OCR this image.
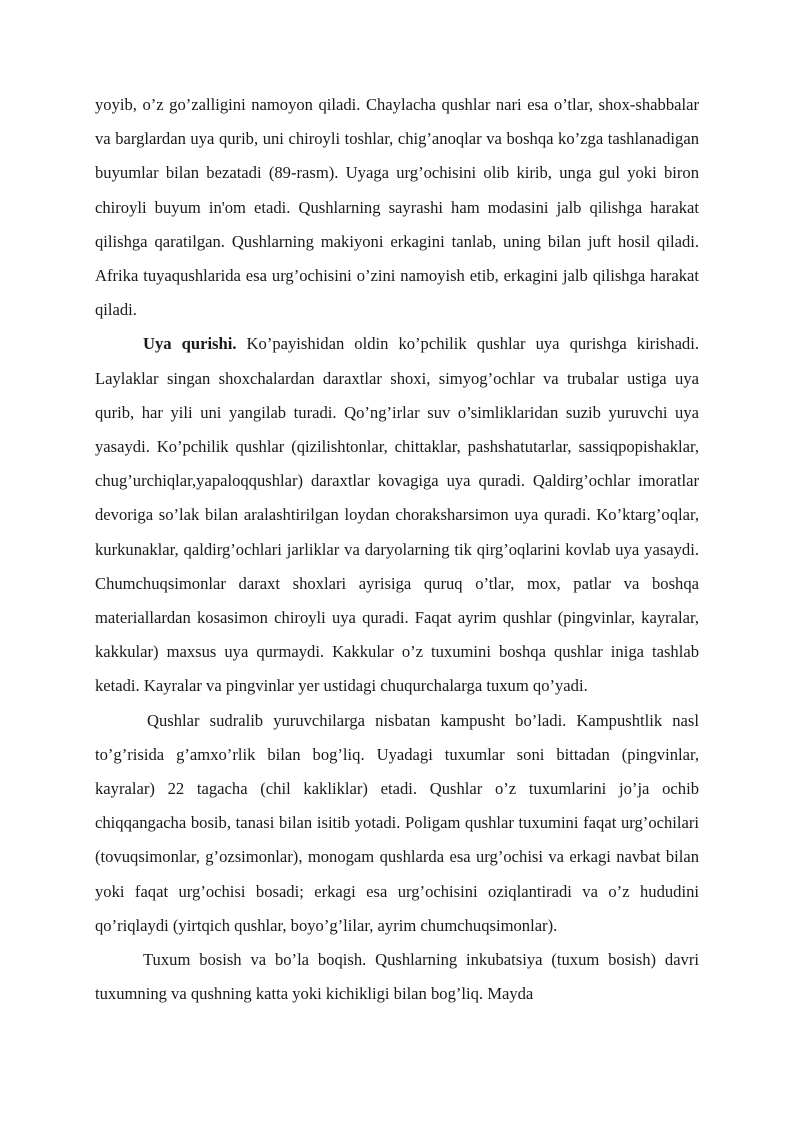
yoyib, o’z go’zalligini namoyon qiladi. Chaylacha qushlar nari esa o’tlar, shox-shabbalar va barglardan uya qurib, uni chiroyli toshlar, chig’anoqlar va boshqa ko’zga tashlanadigan buyumlar bilan bezatadi (89-rasm). Uyaga urg’ochisini olib kirib, unga gul yoki biron chiroyli buyum in'om etadi. Qushlarning sayrashi ham modasini jalb qilishga harakat qilishga qaratilgan. Qushlarning makiyoni erkagini tanlab, uning bilan juft hosil qiladi. Afrika tuyaqushlarida esa urg’ochisini o’zini namoyish etib, erkagini jalb qilishga harakat qiladi.

Uya qurishi. Ko’payishidan oldin ko’pchilik qushlar uya qurishga kirishadi. Laylaklar singan shoxchalardan daraxtlar shoxi, simyog’ochlar va trubalar ustiga uya qurib, har yili uni yangilab turadi. Qo’ng’irlar suv o’simliklaridan suzib yuruvchi uya yasaydi. Ko’pchilik qushlar (qizilishtonlar, chittaklar, pashshatutarlar, sassiqpopishaklar, chug’urchiqlar,yapaloqqushlar) daraxtlar kovagiga uya quradi. Qaldirg’ochlar imoratlar devoriga so’lak bilan aralashtirilgan loydan choraksharsimon uya quradi. Ko’ktarg’oqlar, kurkunaklar, qaldirg’ochlari jarliklar va daryolarning tik qirg’oqlarini kovlab uya yasaydi. Chumchuqsimonlar daraxt shoxlari ayrisiga quruq o’tlar, mox, patlar va boshqa materiallardan kosasimon chiroyli uya quradi. Faqat ayrim qushlar (pingvinlar, kayralar, kakkular) maxsus uya qurmaydi. Kakkular o’z tuxumini boshqa qushlar iniga tashlab ketadi. Kayralar va pingvinlar yer ustidagi chuqurchalarga tuxum qo’yadi.

Qushlar sudralib yuruvchilarga nisbatan kampusht bo’ladi. Kampushtlik nasl to’g’risida g’amxo’rlik bilan bog’liq. Uyadagi tuxumlar soni bittadan (pingvinlar, kayralar) 22 tagacha (chil kakliklar) etadi. Qushlar o’z tuxumlarini jo’ja ochib chiqqangacha bosib, tanasi bilan isitib yotadi. Poligam qushlar tuxumini faqat urg’ochilari (tovuqsimonlar, g’ozsimonlar), monogam qushlarda esa urg’ochisi va erkagi navbat bilan yoki faqat urg’ochisi bosadi; erkagi esa urg’ochisini oziqlantiradi va o’z hududini qo’riqlaydi (yirtqich qushlar, boyo’g’lilar, ayrim chumchuqsimonlar).

Tuxum bosish va bo’la boqish. Qushlarning inkubatsiya (tuxum bosish) davri tuxumning va qushning katta yoki kichikligi bilan bog’liq. Mayda
